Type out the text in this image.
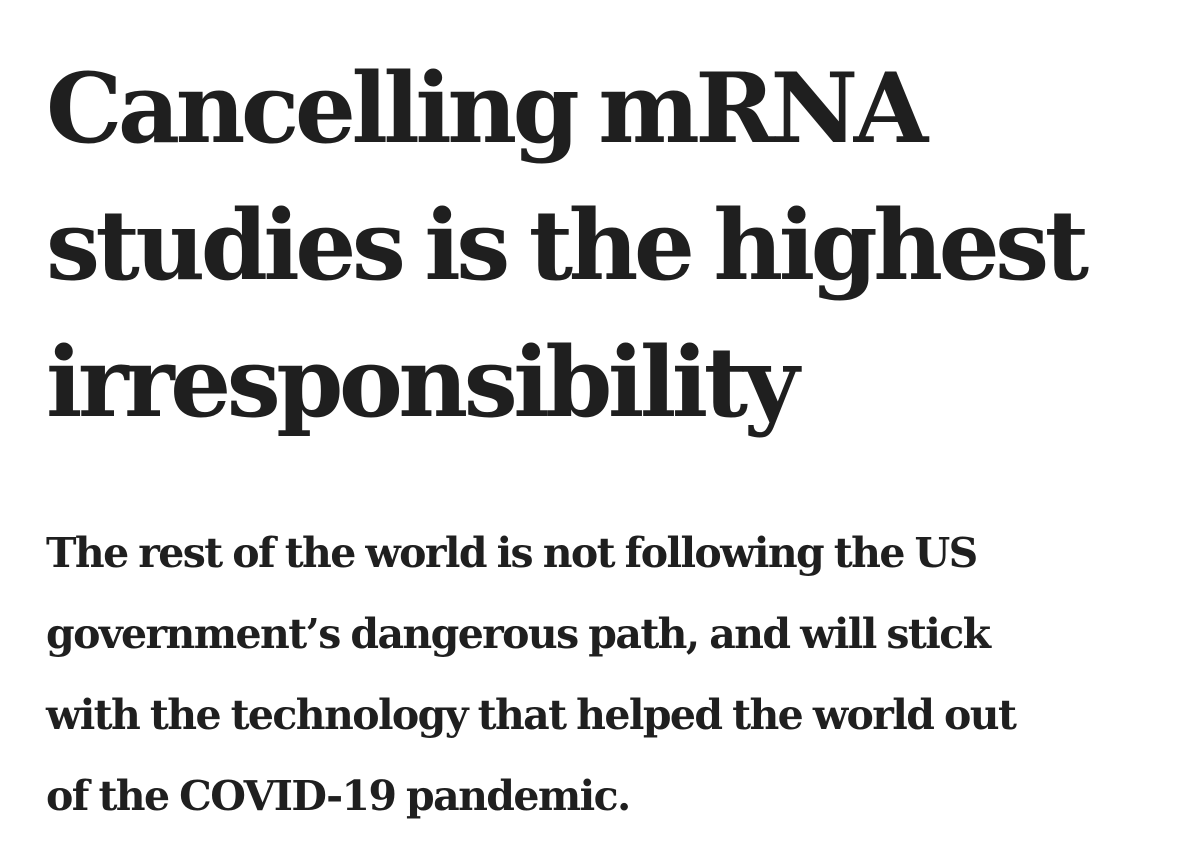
Cancelling mRNA
studies is the highest
irresponsibility

The rest of the world is not following the US
government’s dangerous path, and will stick
with the technology that helped the world out
of the COVID-19 pandemic.
